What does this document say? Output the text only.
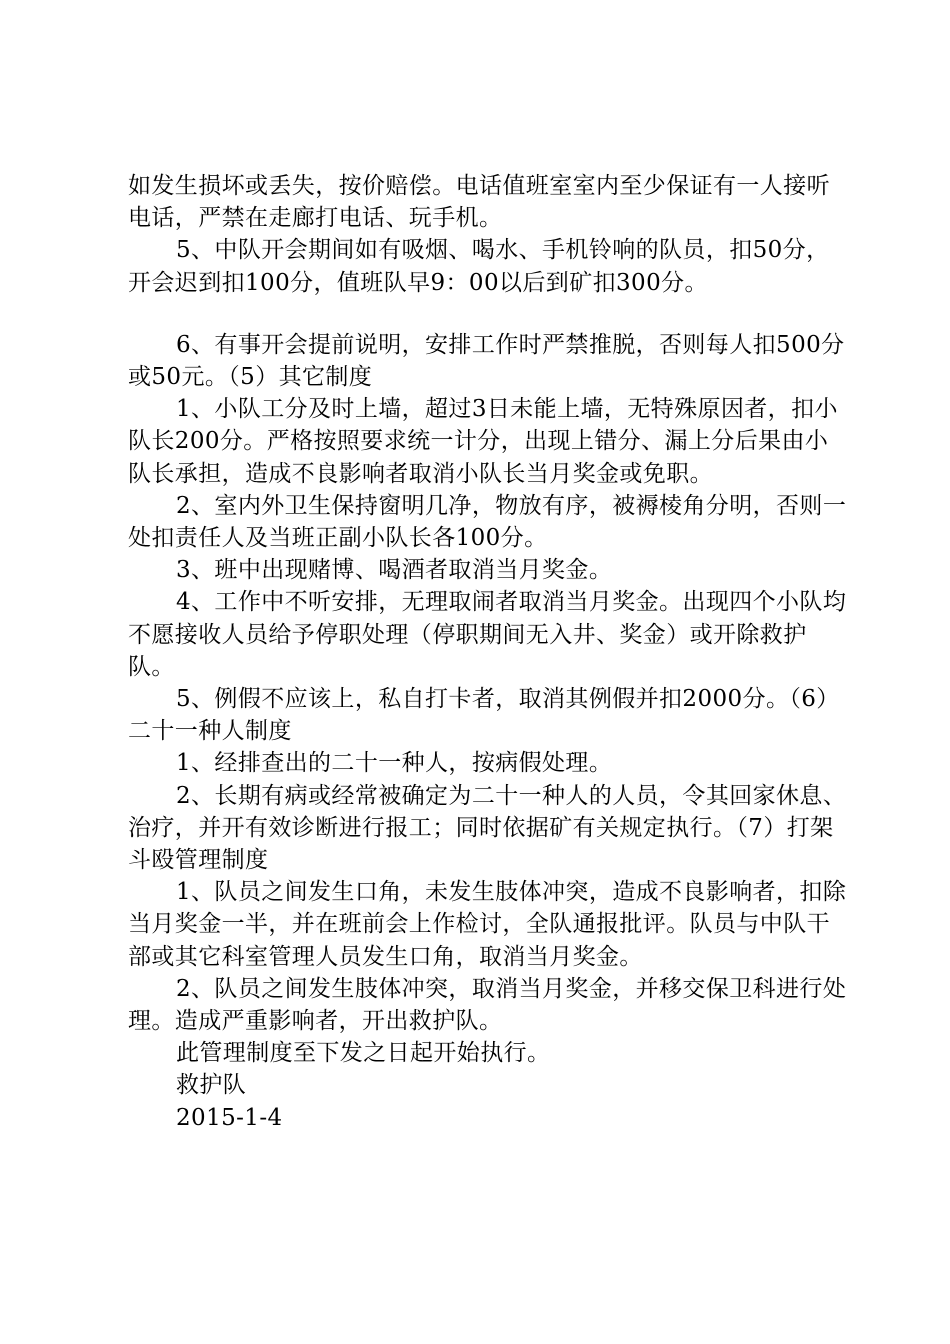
如发生损坏或丢失，按价赔偿。电话值班室室内至少保证有一人接听电话，严禁在走廊打电话、玩手机。

5、中队开会期间如有吸烟、喝水、手机铃响的队员，扣50分，开会迟到扣100分，值班队早9：00以后到矿扣300分。

6、有事开会提前说明，安排工作时严禁推脱，否则每人扣500分或50元。（5）其它制度

1、小队工分及时上墙，超过3日未能上墙，无特殊原因者，扣小队长200分。严格按照要求统一计分，出现上错分、漏上分后果由小队长承担，造成不良影响者取消小队长当月奖金或免职。

2、室内外卫生保持窗明几净，物放有序，被褥棱角分明，否则一处扣责任人及当班正副小队长各100分。

3、班中出现赌博、喝酒者取消当月奖金。

4、工作中不听安排，无理取闹者取消当月奖金。出现四个小队均不愿接收人员给予停职处理（停职期间无入井、奖金）或开除救护队。

5、例假不应该上，私自打卡者，取消其例假并扣2000分。（6）二十一种人制度

1、经排查出的二十一种人，按病假处理。

2、长期有病或经常被确定为二十一种人的人员，令其回家休息、治疗，并开有效诊断进行报工；同时依据矿有关规定执行。（7）打架斗殴管理制度

1、队员之间发生口角，未发生肢体冲突，造成不良影响者，扣除当月奖金一半，并在班前会上作检讨，全队通报批评。队员与中队干部或其它科室管理人员发生口角，取消当月奖金。

2、队员之间发生肢体冲突，取消当月奖金，并移交保卫科进行处理。造成严重影响者，开出救护队。

此管理制度至下发之日起开始执行。

救护队

2015-1-4
